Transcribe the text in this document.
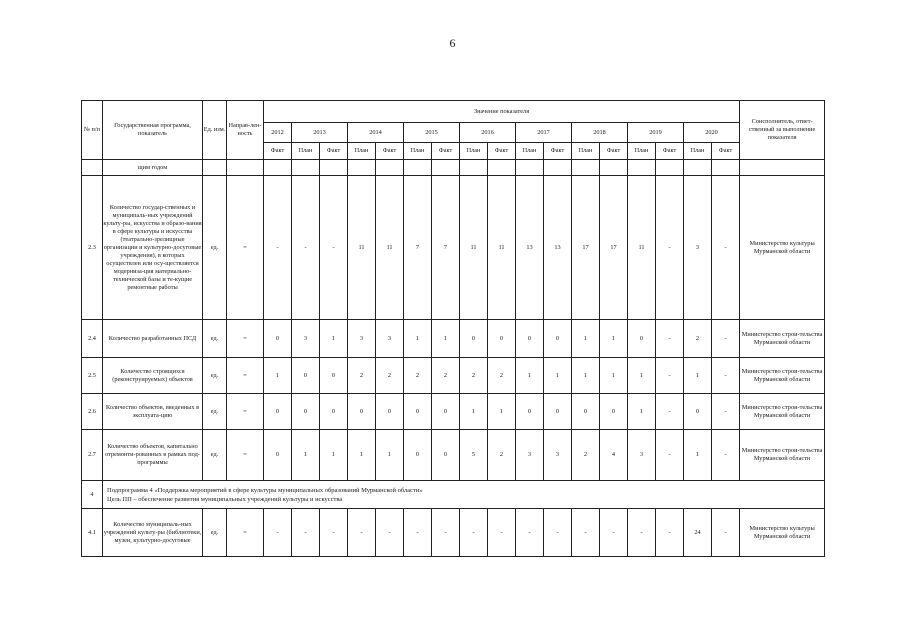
6
№ п/п	Государственная программа, показатель	Ед. изм.	Направ-лен-ность	Значение показателя																	Соисполнитель, ответ-ственный за выполнение показателя
				2012	2013		2014		2015		2016		2017		2018		2019		2020		
				Факт	План	Факт	План	Факт	План	Факт	План	Факт	План	Факт	План	Факт	План	Факт	План	Факт	
	щим годом																				
2.3	Количество государ-ственных и муниципаль-ных учреждений культу-ры, искусства и образо-вания в сфере культуры и искусства (театрально-зрелищные организации и культурно-досуговые учреждения), в которых осуществлен или осу-ществляется модерниза-ция материально-технической базы и те-кущие ремонтные работы	ед.	=	-	-	-	11	11	7	7	11	11	13	13	17	17	11	-	3	-	Министерство культуры Мурманской области
2.4	Количество разработанных ПСД	ед.	=	0	3	1	3	3	1	1	0	0	0	0	1	1	0	-	2	-	Министерство строи-тельства Мурманской области
2.5	Количество строящихся (реконструируемых) объектов	ед.	=	1	0	0	2	2	2	2	2	2	1	1	1	1	1	-	1	-	Министерство строи-тельства Мурманской области
2.6	Количество объектов, введенных в эксплуата-цию	ед.	=	0	0	0	0	0	0	0	1	1	0	0	0	0	1	-	0	-	Министерство строи-тельства Мурманской области
2.7	Количество объектов, капитально отремонти-рованных в рамках под-программы	ед.	=	0	1	1	1	1	0	0	5	2	3	3	2	4	3	-	1	-	Министерство строи-тельства Мурманской области
4	Подпрограмма 4 «Поддержка мероприятий в сфере культуры муниципальных образований Мурманской области»
Цель ПП – обеспечение развития муниципальных учреждений культуры и искусства																				

4.1	Количество муниципаль-ных учреждений культу-ры (библиотеки, музеи, культурно-досуговые	ед.	=	-	-	-	-	-	-	-	-	-	-	-	-	-	-	-	24	-	Министерство культуры Мурманской области
